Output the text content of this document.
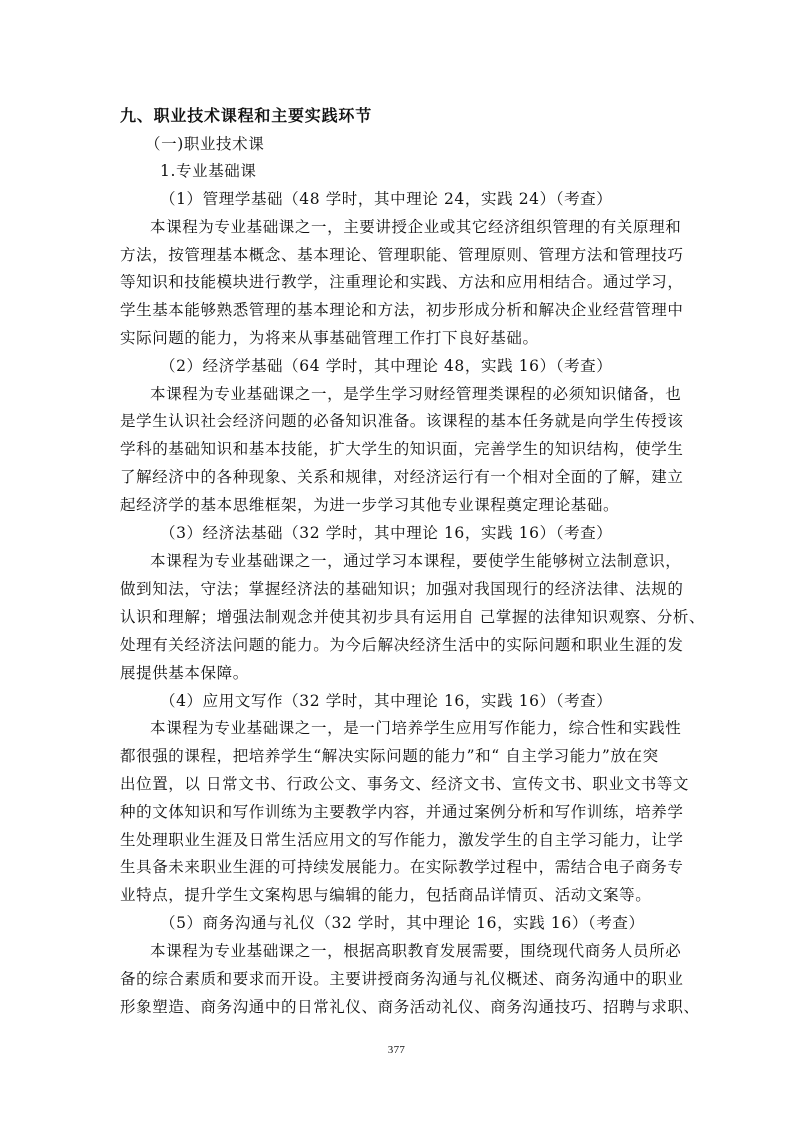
九、职业技术课程和主要实践环节
（一)职业技术课
1.专业基础课
（1）管理学基础（48 学时，其中理论 24，实践 24）（考查）
本课程为专业基础课之一，主要讲授企业或其它经济组织管理的有关原理和
方法，按管理基本概念、基本理论、管理职能、管理原则、管理方法和管理技巧
等知识和技能模块进行教学，注重理论和实践、方法和应用相结合。通过学习，
学生基本能够熟悉管理的基本理论和方法，初步形成分析和解决企业经营管理中
实际问题的能力，为将来从事基础管理工作打下良好基础。
（2）经济学基础（64 学时，其中理论 48，实践 16）（考查）
本课程为专业基础课之一，是学生学习财经管理类课程的必须知识储备，也
是学生认识社会经济问题的必备知识准备。该课程的基本任务就是向学生传授该
学科的基础知识和基本技能，扩大学生的知识面，完善学生的知识结构，使学生
了解经济中的各种现象、关系和规律，对经济运行有一个相对全面的了解，建立
起经济学的基本思维框架，为进一步学习其他专业课程奠定理论基础。
（3）经济法基础（32 学时，其中理论 16，实践 16）（考查）
本课程为专业基础课之一，通过学习本课程，要使学生能够树立法制意识，
做到知法，守法；掌握经济法的基础知识；加强对我国现行的经济法律、法规的
认识和理解；增强法制观念并使其初步具有运用自 己掌握的法律知识观察、分析、
处理有关经济法问题的能力。为今后解决经济生活中的实际问题和职业生涯的发
展提供基本保障。
（4）应用文写作（32 学时，其中理论 16，实践 16）（考查）
本课程为专业基础课之一，是一门培养学生应用写作能力，综合性和实践性
都很强的课程，把培养学生“解决实际问题的能力”和“ 自主学习能力”放在突
出位置，以 日常文书、行政公文、事务文、经济文书、宣传文书、职业文书等文
种的文体知识和写作训练为主要教学内容，并通过案例分析和写作训练，培养学
生处理职业生涯及日常生活应用文的写作能力，激发学生的自主学习能力，让学
生具备未来职业生涯的可持续发展能力。在实际教学过程中，需结合电子商务专
业特点，提升学生文案构思与编辑的能力，包括商品详情页、活动文案等。
（5）商务沟通与礼仪（32 学时，其中理论 16，实践 16）（考查）
本课程为专业基础课之一，根据高职教育发展需要，围绕现代商务人员所必
备的综合素质和要求而开设。主要讲授商务沟通与礼仪概述、商务沟通中的职业
形象塑造、商务沟通中的日常礼仪、商务活动礼仪、商务沟通技巧、招聘与求职、
377
